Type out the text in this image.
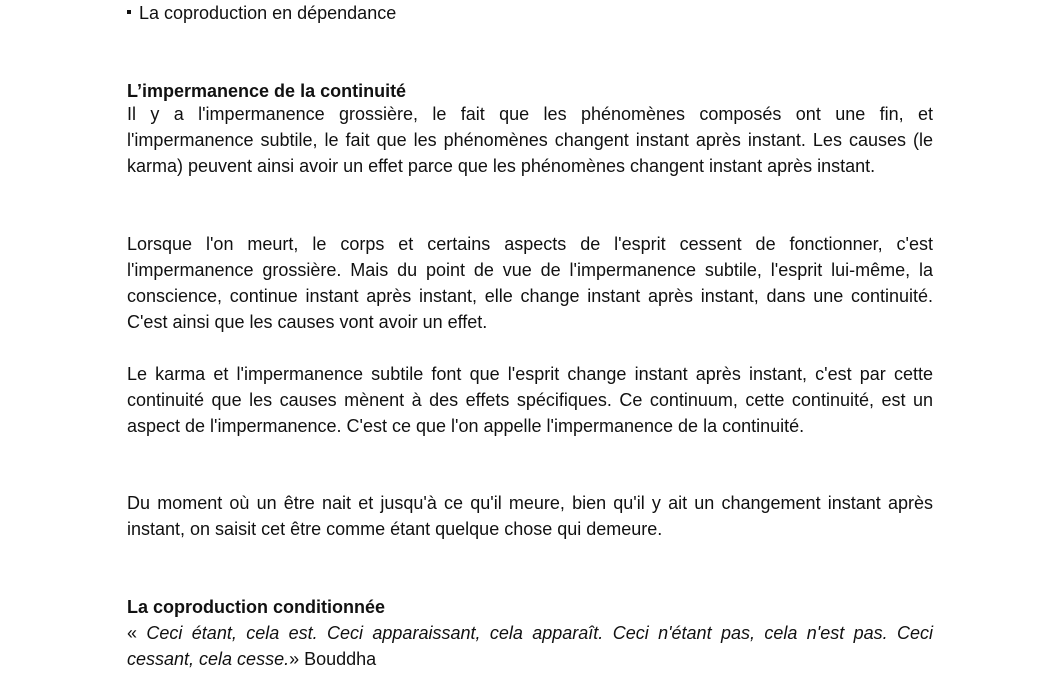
La coproduction en dépendance
L’impermanence de la continuité

Il y a l'impermanence grossière, le fait que les phénomènes composés ont une fin, et l'impermanence subtile, le fait que les phénomènes changent instant après instant. Les causes (le karma) peuvent ainsi avoir un effet parce que les phénomènes changent instant après instant.

Lorsque l'on meurt, le corps et certains aspects de l'esprit cessent de fonctionner, c'est l'impermanence grossière. Mais du point de vue de l'impermanence subtile, l'esprit lui-même, la conscience, continue instant après instant, elle change instant après instant, dans une continuité. C'est ainsi que les causes vont avoir un effet.

Le karma et l'impermanence subtile font que l'esprit change instant après instant, c'est par cette continuité que les causes mènent à des effets spécifiques. Ce continuum, cette continuité, est un aspect de l'impermanence. C'est ce que l'on appelle l'impermanence de la continuité.

Du moment où un être nait et jusqu'à ce qu'il meure, bien qu'il y ait un changement instant après instant, on saisit cet être comme étant quelque chose qui demeure.

La coproduction conditionnée

« Ceci étant, cela est. Ceci apparaissant, cela apparaît. Ceci n'étant pas, cela n'est pas. Ceci cessant, cela cesse.» Bouddha
